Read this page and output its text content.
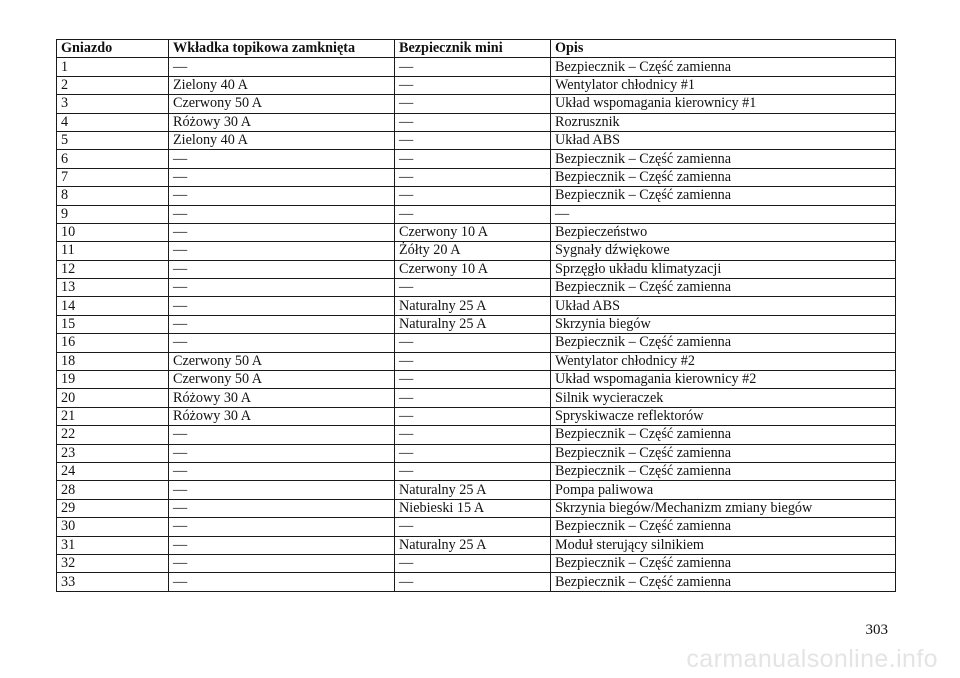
Gniazdo	Wkładka topikowa zamknięta	Bezpiecznik mini	Opis
1	—	—	Bezpiecznik – Część zamienna
2	Zielony 40 A	—	Wentylator chłodnicy #1
3	Czerwony 50 A	—	Układ wspomagania kierownicy #1
4	Różowy 30 A	—	Rozrusznik
5	Zielony 40 A	—	Układ ABS
6	—	—	Bezpiecznik – Część zamienna
7	—	—	Bezpiecznik – Część zamienna
8	—	—	Bezpiecznik – Część zamienna
9	—	—	—
10	—	Czerwony 10 A	Bezpieczeństwo
11	—	Żółty 20 A	Sygnały dźwiękowe
12	—	Czerwony 10 A	Sprzęgło układu klimatyzacji
13	—	—	Bezpiecznik – Część zamienna
14	—	Naturalny 25 A	Układ ABS
15	—	Naturalny 25 A	Skrzynia biegów
16	—	—	Bezpiecznik – Część zamienna
18	Czerwony 50 A	—	Wentylator chłodnicy #2
19	Czerwony 50 A	—	Układ wspomagania kierownicy #2
20	Różowy 30 A	—	Silnik wycieraczek
21	Różowy 30 A	—	Spryskiwacze reflektorów
22	—	—	Bezpiecznik – Część zamienna
23	—	—	Bezpiecznik – Część zamienna
24	—	—	Bezpiecznik – Część zamienna
28	—	Naturalny 25 A	Pompa paliwowa
29	—	Niebieski 15 A	Skrzynia biegów/Mechanizm zmiany biegów
30	—	—	Bezpiecznik – Część zamienna
31	—	Naturalny 25 A	Moduł sterujący silnikiem
32	—	—	Bezpiecznik – Część zamienna
33	—	—	Bezpiecznik – Część zamienna
303
carmanualsonline.info
